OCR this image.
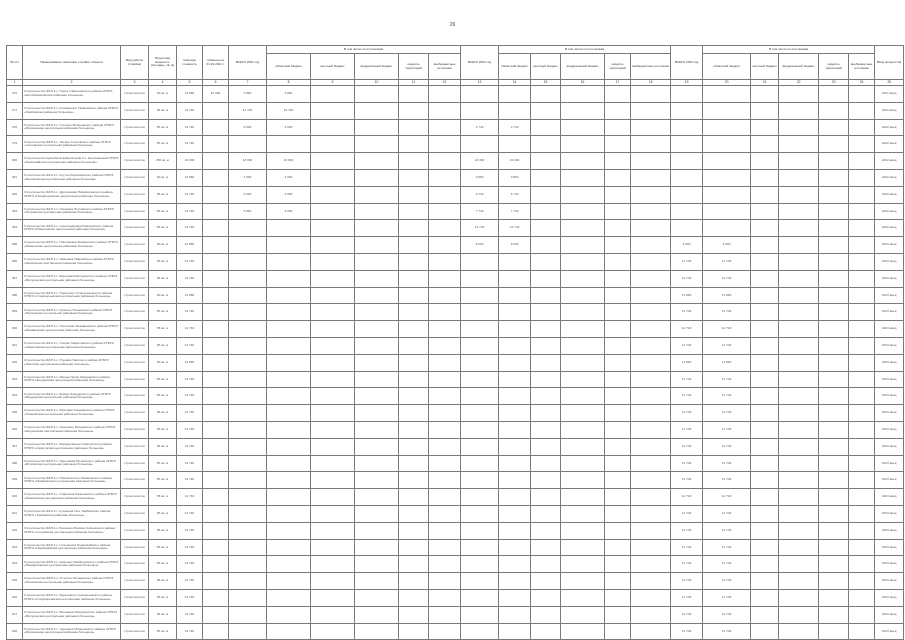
26
№ п/п	Наименование заказчика, стройки, объекта	Вид работы (стройка)	Проектная мощность, (площадь, кв. м)	Сметная стоимость	Освоено на 01.01.2021 г.	ВСЕГО 2021 год	В том числе по источникам					ВСЕГО 2022 год	В том числе по источникам					ВСЕГО 2023 год	В том числе по источникам					Ввод мощностей
							областной бюджет	местный бюджет	федеральный бюджет	кредиты территорий	внебюджетные источники		областной бюджет	местный бюджет	федеральный бюджет	кредиты территорий	внебюджетные источники		областной бюджет	местный бюджет	федеральный бюджет	кредиты территорий	внебюджетные источники	
1	2	3	4	5	6	7	8	9	10	11	12	13	14	15	16	17	18	19	20	21	22	23	24	25
376	Строительство ФАП в с. Новое Саватеевского района ОГБУЗ «Коробейниковская районная больница»	строительство	90 кв. м	13 860	10 000	3 860	3 860																	2021 ввод
377	Строительство ФАП в с. Клюквенное Тамбовского района ОГБУЗ «Тамбовская районная больница»	строительство	85 кв. м	12 740		12 740	12 740																	2021 ввод
378	Строительство ФАП в с. Степное Моршанского района ОГБУЗ «Моршанская центральная районная больница»	строительство	85 кв. м	12 740		8 000	8 000					4 740	4 740											2022 ввод
379	Строительство ФАП в с. Лесное Сосновского района ОГБУЗ «Сосновская центральная районная больница»	строительство	85 кв. м	12 740																				2022 ввод
380	Строительство врачебной амбулатории в п. Центральный ОГБУЗ «Первомайская центральная районная больница»	строительство	250 кв. м	42 300		18 000	18 000					24 300	24 300											2022 ввод
381	Строительство ФАП в с. Крутое Кирсановского района ОГБУЗ «Кирсановская центральная районная больница»	строительство	90 кв. м	13 860		4 000	4 000					9 860	9 860											2022 ввод
382	Строительство ФАП в с. Дмитриевка Никифоровского района ОГБУЗ «Никифоровская центральная районная больница»	строительство	85 кв. м	12 740		6 000	6 000					6 740	6 740											2022 ввод
383	Строительство ФАП в с. Покровка Петровского района ОГБУЗ «Петровская центральная районная больница»	строительство	85 кв. м	12 740		5 000	5 000					7 740	7 740											2022 ввод
384	Строительство ФАП в с. Александровка Ржаксинского района ОГБУЗ «Ржаксинская центральная районная больница»	строительство	85 кв. м	12 740								12 740	12 740											2022 ввод
385	Строительство ФАП в с. Николаевка Знаменского района ОГБУЗ «Знаменская центральная районная больница»	строительство	90 кв. м	13 860								8 000	8 000					5 860	5 860					2023 ввод
386	Строительство ФАП в с. Ивановка Уваровского района ОГБУЗ «Уваровская центральная районная больница»	строительство	85 кв. м	12 740														12 740	12 740					2023 ввод
387	Строительство ФАП в с. Березовка Мичуринского района ОГБУЗ «Мичуринская центральная районная больница»	строительство	85 кв. м	12 740														12 740	12 740					2023 ввод
388	Строительство ФАП в с. Подгорное Староюрьевского района ОГБУЗ «Староюрьевская центральная районная больница»	строительство	90 кв. м	13 860														13 860	13 860					2023 ввод
389	Строительство ФАП в с. Красное Пичаевского района ОГБУЗ «Пичаевская центральная районная больница»	строительство	85 кв. м	12 740														12 740	12 740					2023 ввод
390	Строительство ФАП в с. Полетаево Инжавинского района ОГБУЗ «Инжавинская центральная районная больница»	строительство	85 кв. м	12 740														12 740	12 740					2023 ввод
391	Строительство ФАП в с. Озерки Гавриловского района ОГБУЗ «Гавриловская центральная районная больница»	строительство	85 кв. м	12 740														12 740	12 740					2023 ввод
392	Строительство ФАП в с. Рудовка Умётского района ОГБУЗ «Умётская центральная районная больница»	строительство	90 кв. м	13 860														13 860	13 860					2023 ввод
393	Строительство ФАП в с. Малые Пупки Жердевского района ОГБУЗ «Жердевская центральная районная больница»	строительство	85 кв. м	12 740														12 740	12 740					2023 ввод
394	Строительство ФАП в с. Бокино Бондарского района ОГБУЗ «Бондарская центральная районная больница»	строительство	85 кв. м	12 740														12 740	12 740					2023 ввод
395	Строительство ФАП в с. Юрловка Токарёвского района ОГБУЗ «Токарёвская центральная районная больница»	строительство	85 кв. м	12 740														12 740	12 740					2023 ввод
396	Строительство ФАП в с. Хмелевое Мордовского района ОГБУЗ «Мордовская центральная районная больница»	строительство	85 кв. м	12 740														12 740	12 740					2023 ввод
397	Строительство ФАП в с. Вердеревщино Сампурского района ОГБУЗ «Сампурская центральная районная больница»	строительство	85 кв. м	12 740														12 740	12 740					2023 ввод
398	Строительство ФАП в с. Ярославка Мучкапского района ОГБУЗ «Мучкапская центральная районная больница»	строительство	85 кв. м	12 740														12 740	12 740					2023 ввод
399	Строительство ФАП в с. Новоспасское Инжавинского района ОГБУЗ «Инжавинская центральная районная больница»	строительство	85 кв. м	12 740														12 740	12 740					2023 ввод
400	Строительство ФАП в с. Софьинка Ржаксинского района ОГБУЗ «Ржаксинская центральная районная больница»	строительство	85 кв. м	12 740														12 740	12 740					2023 ввод
401	Строительство ФАП в с. Кузьмина Гать Тамбовского района ОГБУЗ «Тамбовская районная больница»	строительство	85 кв. м	12 740														12 740	12 740					2023 ввод
402	Строительство ФАП в с. Большая Лазовка Сосновского района ОГБУЗ «Сосновская центральная районная больница»	строительство	85 кв. м	12 740														12 740	12 740					2023 ввод
403	Строительство ФАП в с. Голынщина Первомайского района ОГБУЗ «Первомайская центральная районная больница»	строительство	85 кв. м	12 740														12 740	12 740					2023 ввод
404	Строительство ФАП в с. Каменка Никифоровского района ОГБУЗ «Никифоровская центральная районная больница»	строительство	85 кв. м	12 740														12 740	12 740					2023 ввод
405	Строительство ФАП в с. Отъяссы Пичаевского района ОГБУЗ «Пичаевская центральная районная больница»	строительство	85 кв. м	12 740														12 740	12 740					2023 ввод
406	Строительство ФАП в с. Березовка Староюрьевского района ОГБУЗ «Староюрьевская центральная районная больница»	строительство	85 кв. м	12 740														12 740	12 740					2023 ввод
407	Строительство ФАП в с. Вишневое Мичуринского района ОГБУЗ «Мичуринская центральная районная больница»	строительство	85 кв. м	12 740														12 740	12 740					2023 ввод
408	Строительство ФАП в с. Черняное Моршанского района ОГБУЗ «Моршанская центральная районная больница»	строительство	85 кв. м	12 740														12 740	12 740					2023 ввод
